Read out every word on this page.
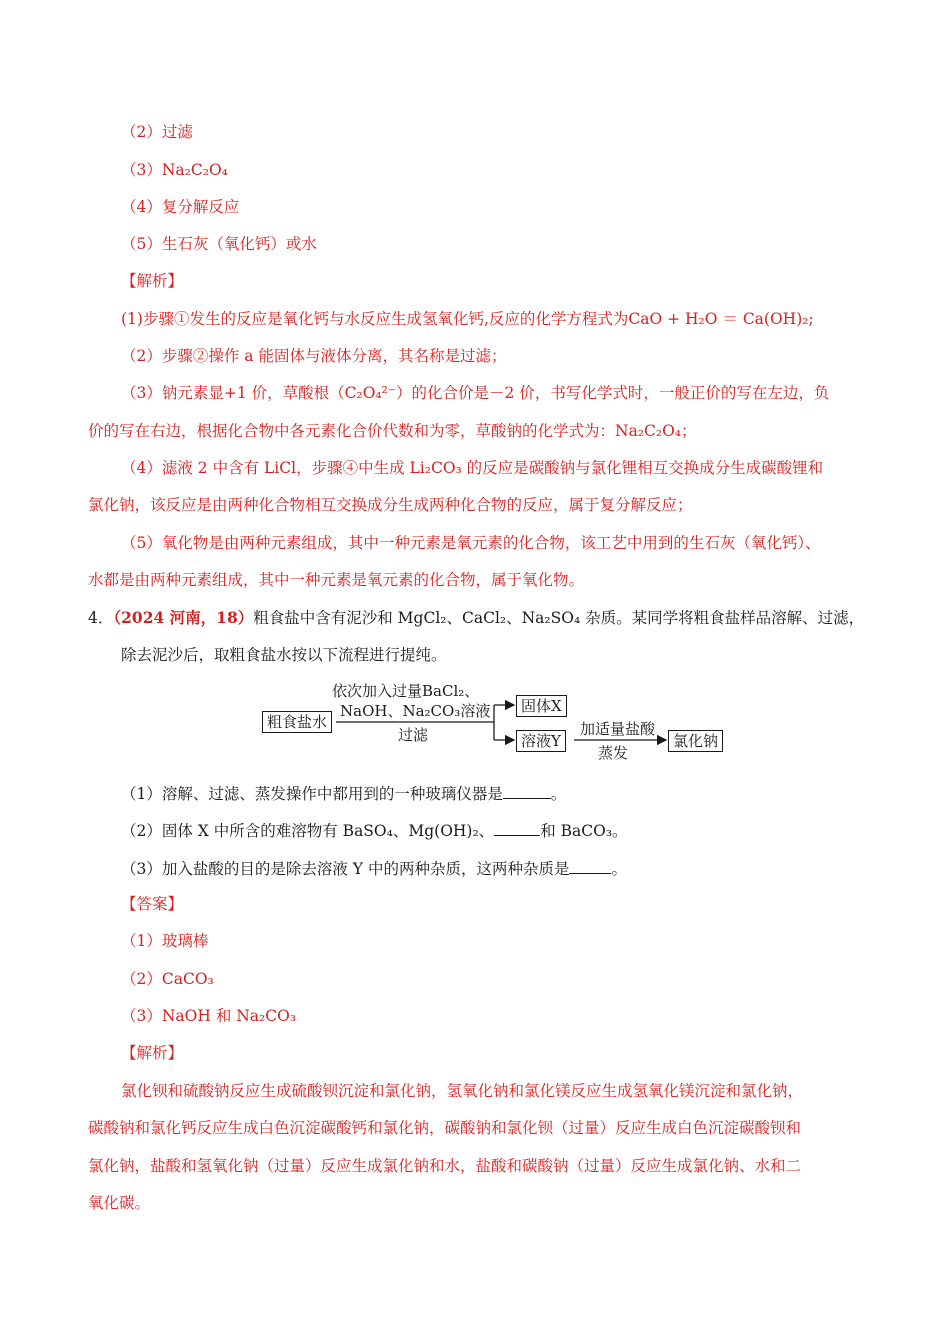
（2）过滤
（3）Na₂C₂O₄
（4）复分解反应
（5）生石灰（氧化钙）或水
【解析】
(1)步骤①发生的反应是氧化钙与水反应生成氢氧化钙,反应的化学方程式为CaO + H₂O ＝ Ca(OH)₂;
（2）步骤②操作 a 能固体与液体分离，其名称是过滤；
（3）钠元素显+1 价，草酸根（C₂O₄²⁻）的化合价是－2 价，书写化学式时，一般正价的写在左边，负
价的写在右边，根据化合物中各元素化合价代数和为零，草酸钠的化学式为：Na₂C₂O₄；
（4）滤液 2 中含有 LiCl，步骤④中生成 Li₂CO₃ 的反应是碳酸钠与氯化锂相互交换成分生成碳酸锂和
氯化钠，该反应是由两种化合物相互交换成分生成两种化合物的反应，属于复分解反应；
（5）氧化物是由两种元素组成，其中一种元素是氧元素的化合物，该工艺中用到的生石灰（氧化钙）、
水都是由两种元素组成，其中一种元素是氧元素的化合物，属于氧化物。
4．（2024 河南，18）粗食盐中含有泥沙和 MgCl₂、CaCl₂、Na₂SO₄ 杂质。某同学将粗食盐样品溶解、过滤，
除去泥沙后，取粗食盐水按以下流程进行提纯。
粗食盐水
依次加入过量BaCl₂、
NaOH、Na₂CO₃溶液
过滤
固体X
溶液Y
加适量盐酸
蒸发
氯化钠
（1）溶解、过滤、蒸发操作中都用到的一种玻璃仪器是	。
（2）固体 X 中所含的难溶物有 BaSO₄、Mg(OH)₂、	和 BaCO₃。
（3）加入盐酸的目的是除去溶液 Y 中的两种杂质，这两种杂质是	。
【答案】
（1）玻璃棒
（2）CaCO₃
（3）NaOH 和 Na₂CO₃
【解析】
氯化钡和硫酸钠反应生成硫酸钡沉淀和氯化钠，氢氧化钠和氯化镁反应生成氢氧化镁沉淀和氯化钠，
碳酸钠和氯化钙反应生成白色沉淀碳酸钙和氯化钠，碳酸钠和氯化钡（过量）反应生成白色沉淀碳酸钡和
氯化钠，盐酸和氢氧化钠（过量）反应生成氯化钠和水，盐酸和碳酸钠（过量）反应生成氯化钠、水和二
氧化碳。
